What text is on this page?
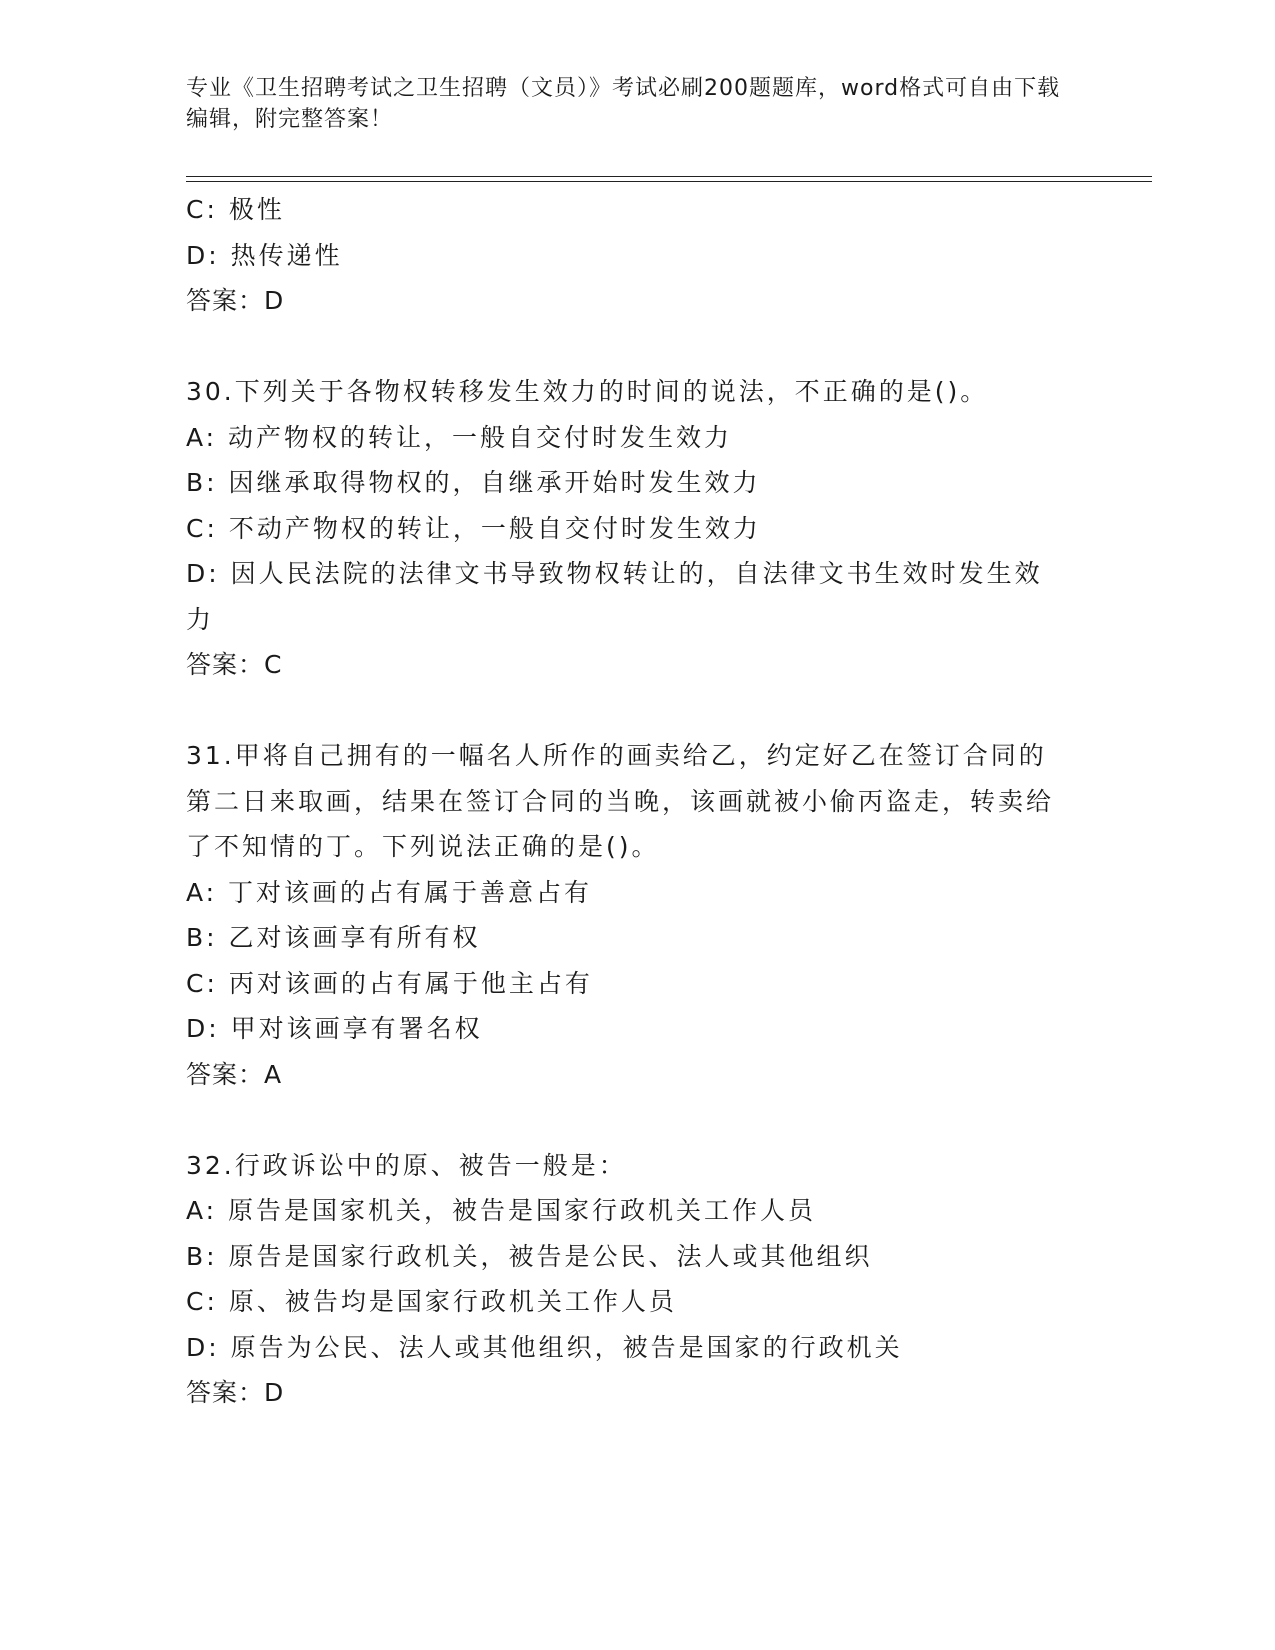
专业《卫生招聘考试之卫生招聘（文员）》考试必刷200题题库，word格式可自由下载编辑，附完整答案！
C: 极性
D: 热传递性
答案：D
30.下列关于各物权转移发生效力的时间的说法，不正确的是()。
A: 动产物权的转让，一般自交付时发生效力
B: 因继承取得物权的，自继承开始时发生效力
C: 不动产物权的转让，一般自交付时发生效力
D: 因人民法院的法律文书导致物权转让的，自法律文书生效时发生效力
答案：C
31.甲将自己拥有的一幅名人所作的画卖给乙，约定好乙在签订合同的第二日来取画，结果在签订合同的当晚，该画就被小偷丙盗走，转卖给了不知情的丁。下列说法正确的是()。
A: 丁对该画的占有属于善意占有
B: 乙对该画享有所有权
C: 丙对该画的占有属于他主占有
D: 甲对该画享有署名权
答案：A
32.行政诉讼中的原、被告一般是：
A: 原告是国家机关，被告是国家行政机关工作人员
B: 原告是国家行政机关，被告是公民、法人或其他组织
C: 原、被告均是国家行政机关工作人员
D: 原告为公民、法人或其他组织，被告是国家的行政机关
答案：D
